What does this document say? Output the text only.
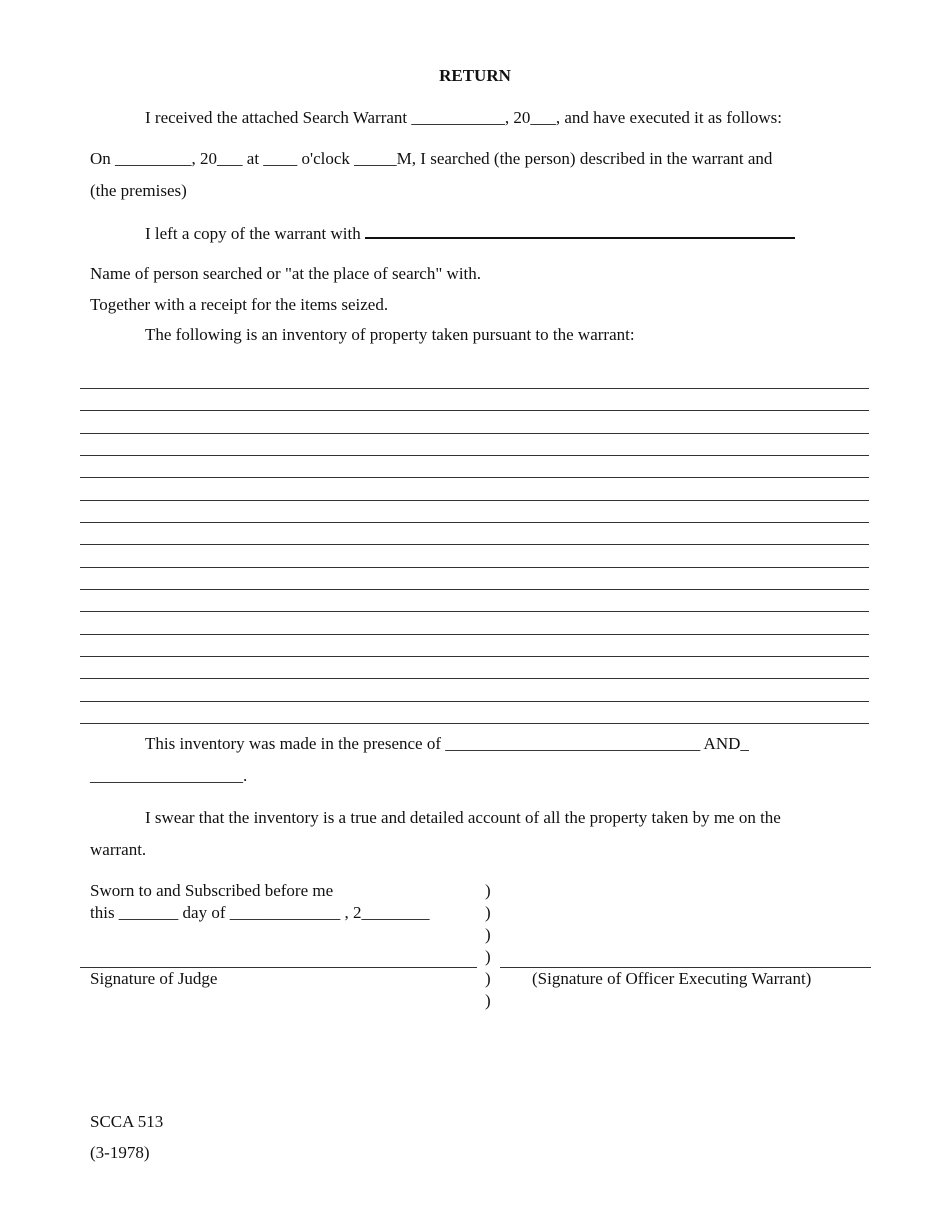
RETURN
I received the attached Search Warrant ___________, 20___, and have executed it as follows:
On _________, 20___ at ____ o'clock _____M, I searched (the person) described in the warrant and
(the premises)
I left a copy of the warrant with
Name of person searched or "at the place of search" with.
Together with a receipt for the items seized.
The following is an inventory of property taken pursuant to the warrant:
This inventory was made in the presence of ______________________________ AND_
__________________.
I swear that the inventory is a true and detailed account of all the property taken by me on the
warrant.
Sworn to and Subscribed before me
this _______ day of _____________ , 2________
)
)
)
)
)
)
Signature of Judge	(Signature of Officer Executing Warrant)
SCCA 513
(3-1978)
